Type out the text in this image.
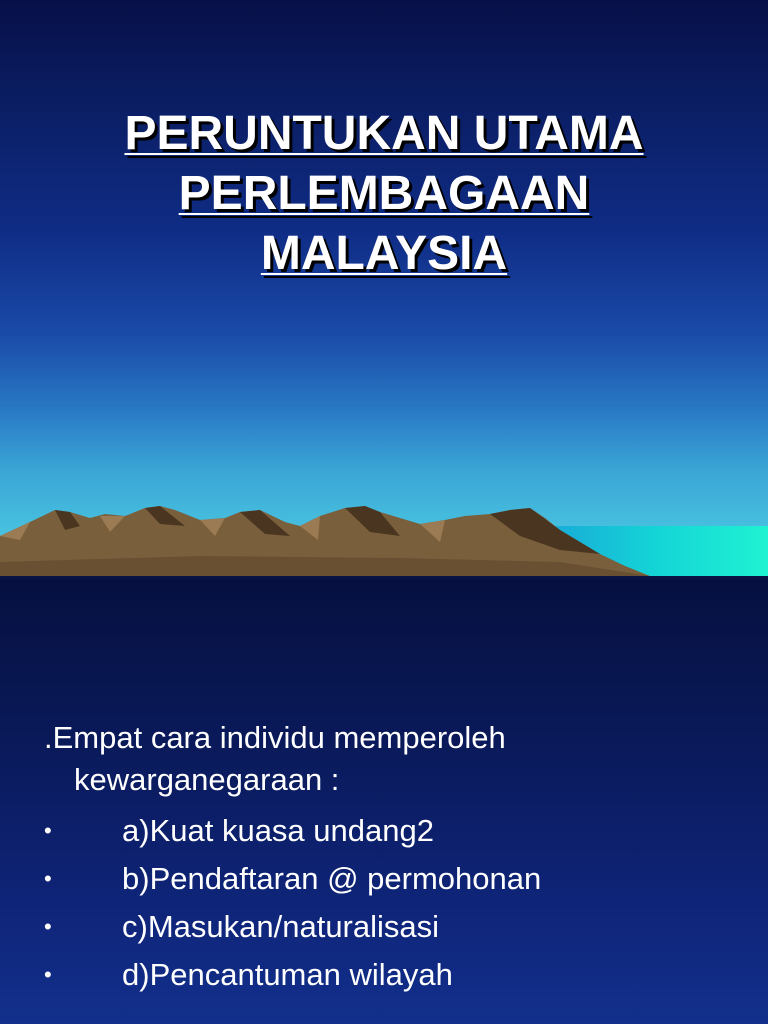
PERUNTUKAN UTAMA
PERLEMBAGAAN
MALAYSIA
.Empat cara individu memperoleh
kewarganegaraan :
• a)Kuat kuasa undang2
• b)Pendaftaran @ permohonan
• c)Masukan/naturalisasi
• d)Pencantuman wilayah
